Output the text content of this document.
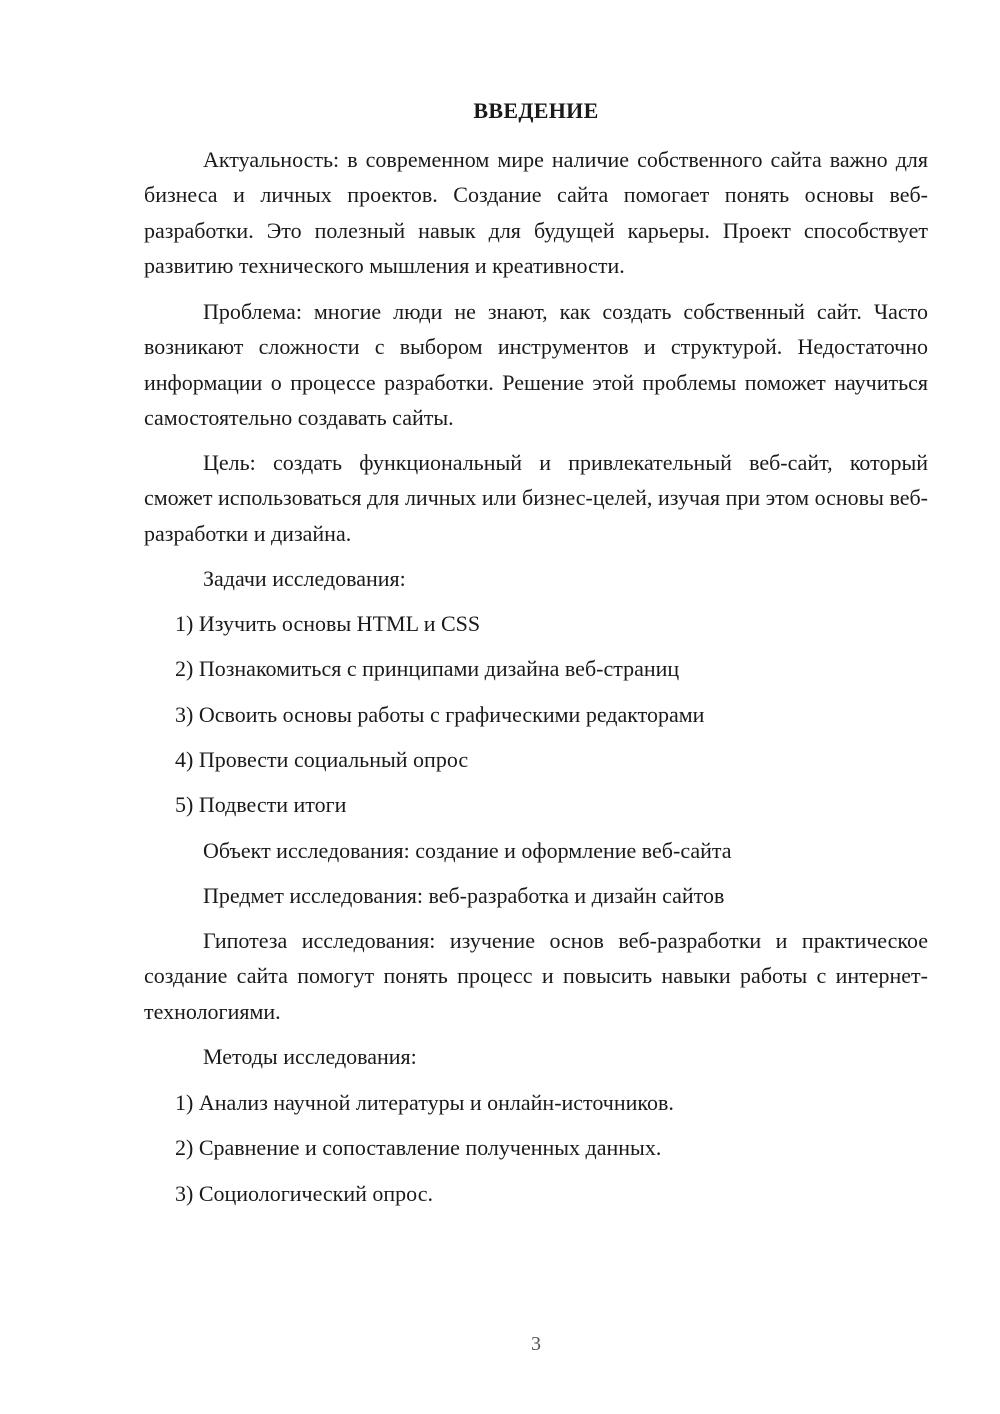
ВВЕДЕНИЕ

Актуальность: в современном мире наличие собственного сайта важно для бизнеса и личных проектов. Создание сайта помогает понять основы веб-разработки. Это полезный навык для будущей карьеры. Проект способствует развитию технического мышления и креативности.

Проблема: многие люди не знают, как создать собственный сайт. Часто возникают сложности с выбором инструментов и структурой. Недостаточно информации о процессе разработки. Решение этой проблемы поможет научиться самостоятельно создавать сайты.

Цель: создать функциональный и привлекательный веб-сайт, который сможет использоваться для личных или бизнес-целей, изучая при этом основы веб-разработки и дизайна.

Задачи исследования:

1) Изучить основы HTML и CSS

2) Познакомиться с принципами дизайна веб-страниц

3) Освоить основы работы с графическими редакторами

4) Провести социальный опрос

5) Подвести итоги

Объект исследования: создание и оформление веб-сайта

Предмет исследования: веб-разработка и дизайн сайтов

Гипотеза исследования: изучение основ веб-разработки и практическое создание сайта помогут понять процесс и повысить навыки работы с интернет-технологиями.

Методы исследования:

1) Анализ научной литературы и онлайн-источников.

2) Сравнение и сопоставление полученных данных.

3) Социологический опрос.

3
